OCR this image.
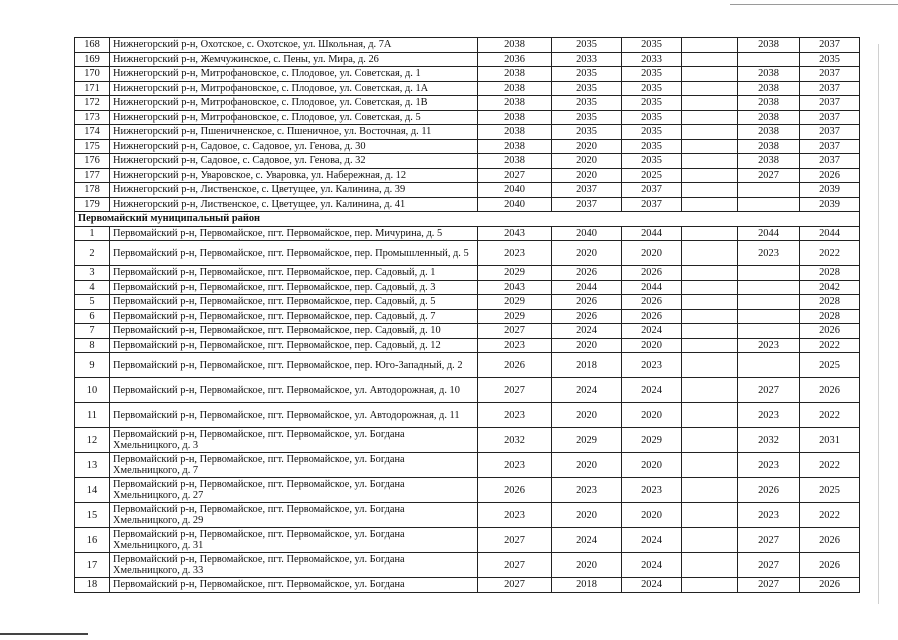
168	Нижнегорский р-н, Охотское, с. Охотское, ул. Школьная, д. 7А	2038	2035	2035		2038	2037
169	Нижнегорский р-н, Жемчужинское, с. Пены, ул. Мира, д. 26	2036	2033	2033			2035
170	Нижнегорский р-н, Митрофановское, с. Плодовое, ул. Советская, д. 1	2038	2035	2035		2038	2037
171	Нижнегорский р-н, Митрофановское, с. Плодовое, ул. Советская, д. 1А	2038	2035	2035		2038	2037
172	Нижнегорский р-н, Митрофановское, с. Плодовое, ул. Советская, д. 1В	2038	2035	2035		2038	2037
173	Нижнегорский р-н, Митрофановское, с. Плодовое, ул. Советская, д. 5	2038	2035	2035		2038	2037
174	Нижнегорский р-н, Пшеничненское, с. Пшеничное, ул. Восточная, д. 11	2038	2035	2035		2038	2037
175	Нижнегорский р-н, Садовое, с. Садовое, ул. Генова, д. 30	2038	2020	2035		2038	2037
176	Нижнегорский р-н, Садовое, с. Садовое, ул. Генова, д. 32	2038	2020	2035		2038	2037
177	Нижнегорский р-н, Уваровское, с. Уваровка, ул. Набережная, д. 12	2027	2020	2025		2027	2026
178	Нижнегорский р-н, Лиственское, с. Цветущее, ул. Калинина, д. 39	2040	2037	2037			2039
179	Нижнегорский р-н, Лиственское, с. Цветущее, ул. Калинина, д. 41	2040	2037	2037			2039
Первомайский муниципальный район							
1	Первомайский р-н, Первомайское, пгт. Первомайское, пер. Мичурина, д. 5	2043	2040	2044		2044	2044
2	Первомайский р-н, Первомайское, пгт. Первомайское, пер. Промышленный, д. 5	2023	2020	2020		2023	2022
3	Первомайский р-н, Первомайское, пгт. Первомайское, пер. Садовый, д. 1	2029	2026	2026			2028
4	Первомайский р-н, Первомайское, пгт. Первомайское, пер. Садовый, д. 3	2043	2044	2044			2042
5	Первомайский р-н, Первомайское, пгт. Первомайское, пер. Садовый, д. 5	2029	2026	2026			2028
6	Первомайский р-н, Первомайское, пгт. Первомайское, пер. Садовый, д. 7	2029	2026	2026			2028
7	Первомайский р-н, Первомайское, пгт. Первомайское, пер. Садовый, д. 10	2027	2024	2024			2026
8	Первомайский р-н, Первомайское, пгт. Первомайское, пер. Садовый, д. 12	2023	2020	2020		2023	2022
9	Первомайский р-н, Первомайское, пгт. Первомайское, пер. Юго-Западный, д. 2	2026	2018	2023			2025
10	Первомайский р-н, Первомайское, пгт. Первомайское, ул. Автодорожная, д. 10	2027	2024	2024		2027	2026
11	Первомайский р-н, Первомайское, пгт. Первомайское, ул. Автодорожная, д. 11	2023	2020	2020		2023	2022
12	Первомайский р-н, Первомайское, пгт. Первомайское, ул. Богдана Хмельницкого, д. 3	2032	2029	2029		2032	2031
13	Первомайский р-н, Первомайское, пгт. Первомайское, ул. Богдана Хмельницкого, д. 7	2023	2020	2020		2023	2022
14	Первомайский р-н, Первомайское, пгт. Первомайское, ул. Богдана Хмельницкого, д. 27	2026	2023	2023		2026	2025
15	Первомайский р-н, Первомайское, пгт. Первомайское, ул. Богдана Хмельницкого, д. 29	2023	2020	2020		2023	2022
16	Первомайский р-н, Первомайское, пгт. Первомайское, ул. Богдана Хмельницкого, д. 31	2027	2024	2024		2027	2026
17	Первомайский р-н, Первомайское, пгт. Первомайское, ул. Богдана Хмельницкого, д. 33	2027	2020	2024		2027	2026
18	Первомайский р-н, Первомайское, пгт. Первомайское, ул. Богдана	2027	2018	2024		2027	2026
